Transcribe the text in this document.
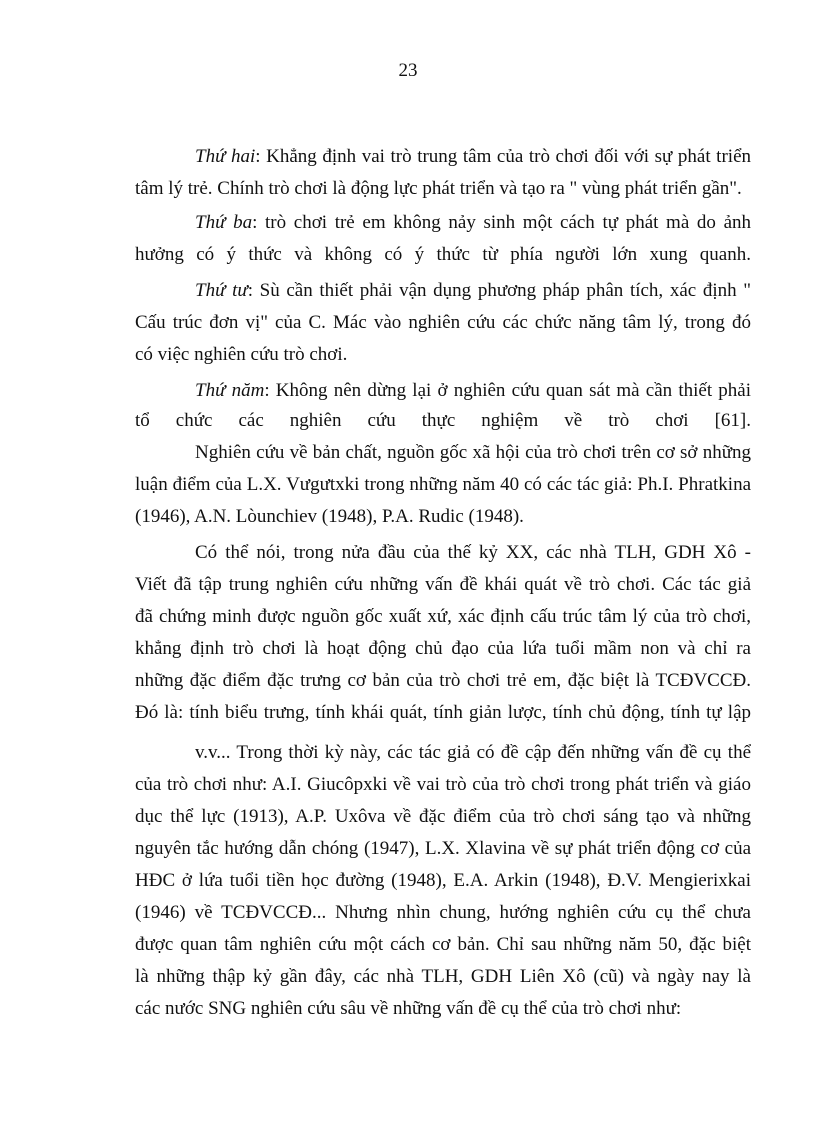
23
Thứ hai: Khẳng định vai trò trung tâm của trò chơi đối với sự phát triển
tâm lý trẻ. Chính trò chơi là động lực phát triển và tạo ra " vùng phát triển gần".
Thứ ba: trò chơi trẻ em không nảy sinh một cách tự phát mà do ảnh
hưởng có ý thức và không có ý thức từ phía người lớn xung quanh.
Thứ tư: Sù cần thiết phải vận dụng phương pháp phân tích, xác định "
Cấu trúc đơn vị" của C. Mác vào nghiên cứu các chức năng tâm lý, trong đó
có việc nghiên cứu trò chơi.
Thứ năm: Không nên dừng lại ở nghiên cứu quan sát mà cần thiết phải
tổ chức các nghiên cứu thực nghiệm về trò chơi [61].
Nghiên cứu về bản chất, nguồn gốc xã hội của trò chơi trên cơ sở những
luận điểm của L.X. Vưgưtxki trong những năm 40 có các tác giả: Ph.I. Phratkina
(1946), A.N. Lòunchiev (1948), P.A. Rudic (1948).
Có thể nói, trong nửa đầu của thế kỷ XX, các nhà TLH, GDH Xô -
Viết đã tập trung nghiên cứu những vấn đề khái quát về trò chơi. Các tác giả
đã chứng minh được nguồn gốc xuất xứ, xác định cấu trúc tâm lý của trò chơi,
khẳng định trò chơi là hoạt động chủ đạo của lứa tuổi mầm non và chỉ ra
những đặc điểm đặc trưng cơ bản của trò chơi trẻ em, đặc biệt là TCĐVCCĐ.
Đó là: tính biểu trưng, tính khái quát, tính giản lược, tính chủ động, tính tự lập
v.v... Trong thời kỳ này, các tác giả có đề cập đến những vấn đề cụ thể
của trò chơi như: A.I. Giucôpxki về vai trò của trò chơi trong phát triển và giáo
dục thể lực (1913), A.P. Uxôva về đặc điểm của trò chơi sáng tạo và những
nguyên tắc hướng dẫn chóng (1947), L.X. Xlavina về sự phát triển động cơ của
HĐC ở lứa tuổi tiền học đường (1948), E.A. Arkin (1948), Đ.V. Mengierixkai
(1946) về TCĐVCCĐ... Nhưng nhìn chung, hướng nghiên cứu cụ thể chưa
được quan tâm nghiên cứu một cách cơ bản. Chỉ sau những năm 50, đặc biệt
là những thập kỷ gần đây, các nhà TLH, GDH Liên Xô (cũ) và ngày nay là
các nước SNG nghiên cứu sâu về những vấn đề cụ thể của trò chơi như:
